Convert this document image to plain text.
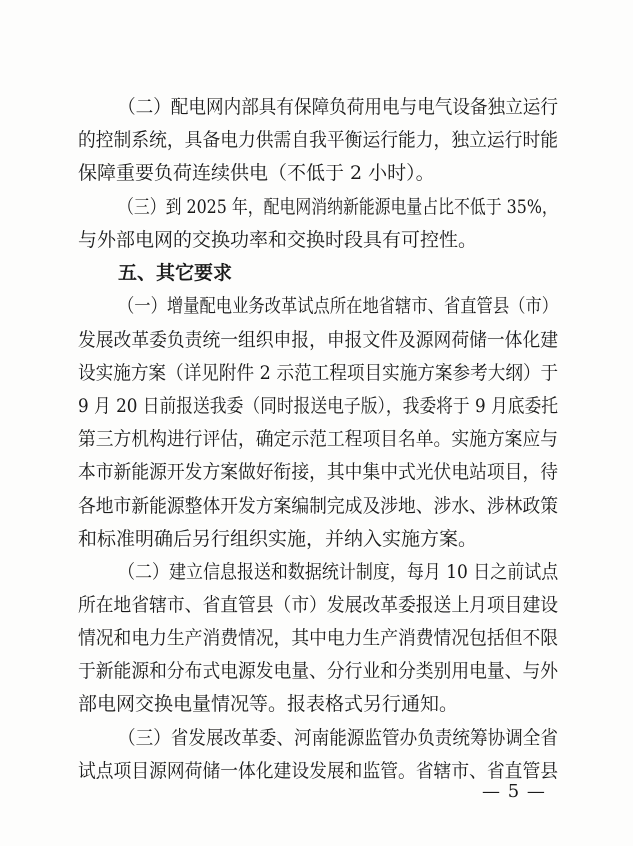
（二）配电网内部具有保障负荷用电与电气设备独立运行
的控制系统，具备电力供需自我平衡运行能力，独立运行时能
保障重要负荷连续供电（不低于 2 小时）。
（三）到 2025 年，配电网消纳新能源电量占比不低于 35%，
与外部电网的交换功率和交换时段具有可控性。
五、其它要求
（一）增量配电业务改革试点所在地省辖市、省直管县（市）
发展改革委负责统一组织申报，申报文件及源网荷储一体化建
设实施方案（详见附件 2 示范工程项目实施方案参考大纲）于
9 月 20 日前报送我委（同时报送电子版），我委将于 9 月底委托
第三方机构进行评估，确定示范工程项目名单。实施方案应与
本市新能源开发方案做好衔接，其中集中式光伏电站项目，待
各地市新能源整体开发方案编制完成及涉地、涉水、涉林政策
和标准明确后另行组织实施，并纳入实施方案。
（二）建立信息报送和数据统计制度，每月 10 日之前试点
所在地省辖市、省直管县（市）发展改革委报送上月项目建设
情况和电力生产消费情况，其中电力生产消费情况包括但不限
于新能源和分布式电源发电量、分行业和分类别用电量、与外
部电网交换电量情况等。报表格式另行通知。
（三）省发展改革委、河南能源监管办负责统筹协调全省
试点项目源网荷储一体化建设发展和监管。省辖市、省直管县
— 5 —
